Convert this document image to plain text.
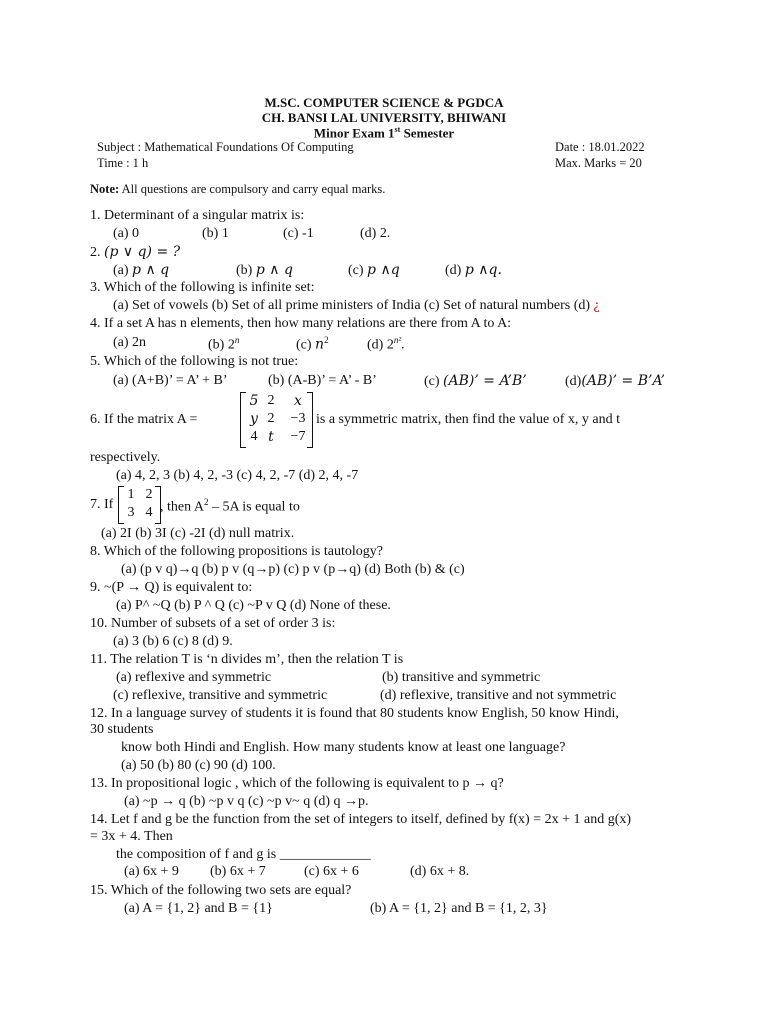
M.SC. COMPUTER SCIENCE & PGDCA
CH. BANSI LAL UNIVERSITY, BHIWANI
Minor Exam 1st Semester
Subject : Mathematical Foundations Of Computing	Date : 18.01.2022
Time : 1 h	Max. Marks = 20
Note: All questions are compulsory and carry equal marks.
1. Determinant of a singular matrix is:
(a) 0	(b) 1	(c) -1	(d) 2.
2. (p ∨ q) = ?
(a) p ∧ q	(b) p ∧ q	(c) p ∧q	(d) p ∧q.
3. Which of the following is infinite set:
(a) Set of vowels (b) Set of all prime ministers of India (c) Set of natural numbers (d) ¿
4. If a set A has n elements, then how many relations are there from A to A:
(a) 2n	(b) 2$^n$	(c) $n^2$	(d) $2^{n^2}$.
5. Which of the following is not true:
(a) (A+B)’ = A’ + B’	(b) (A-B)’ = A’ - B’	(c) (AB)’ = A’B’	(d)(AB)’ = B’A’
6. If the matrix A =
5 2	x
y 2	−3
4 t	−7
is a symmetric matrix, then find the value of x, y and t
respectively.
(a) 4, 2, 3 (b) 4, 2, -3 (c) 4, 2, -7 (d) 2, 4, -7
7. If
1 2
3 4 , then $A^2 - 5A$ is equal to
(a) 2I (b) 3I (c) -2I (d) null matrix.
8. Which of the following propositions is tautology?
(a) (p v q)→q (b) p v (q→p) (c) p v (p→q) (d) Both (b) & (c)
9. ~(P → Q) is equivalent to:
(a) P^ ~Q (b) P ^ Q (c) ~P v Q (d) None of these.
10. Number of subsets of a set of order 3 is:
(a) 3 (b) 6 (c) 8 (d) 9.
11. The relation T is ‘n divides m’, then the relation T is
(a) reflexive and symmetric	(b) transitive and symmetric
(c) reflexive, transitive and symmetric	(d) reflexive, transitive and not symmetric
12. In a language survey of students it is found that 80 students know English, 50 know Hindi,
30 students
know both Hindi and English. How many students know at least one language?
(a) 50 (b) 80 (c) 90 (d) 100.
13. In propositional logic , which of the following is equivalent to p → q?
(a) ~p → q (b) ~p v q (c) ~p v~ q (d) q →p.
14. Let f and g be the function from the set of integers to itself, defined by f(x) = 2x + 1 and g(x)
= 3x + 4. Then
the composition of f and g is _____________
(a) 6x + 9 (b) 6x + 7	(c) 6x + 6	(d) 6x + 8.
15. Which of the following two sets are equal?
(a) A = {1, 2} and B = {1}	(b) A = {1, 2} and B = {1, 2, 3}
